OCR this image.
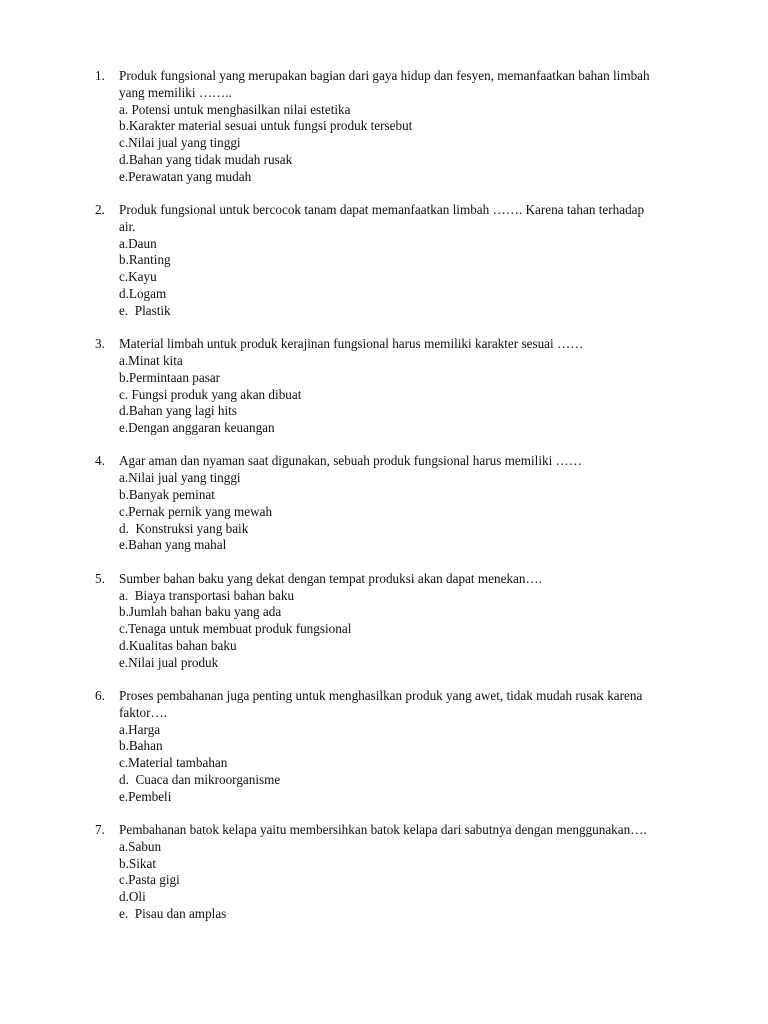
1.	Produk fungsional yang merupakan bagian dari gaya hidup dan fesyen, memanfaatkan bahan limbah yang memiliki ……..
a. Potensi untuk menghasilkan nilai estetika
b.Karakter material sesuai untuk fungsi produk tersebut
c.Nilai jual yang tinggi
d.Bahan yang tidak mudah rusak
e.Perawatan yang mudah
2.	Produk fungsional untuk bercocok tanam dapat memanfaatkan limbah ……. Karena tahan terhadap air.
a.Daun
b.Ranting
c.Kayu
d.Logam
e.  Plastik
3.	Material limbah untuk produk kerajinan fungsional harus memiliki karakter sesuai ……
a.Minat kita
b.Permintaan pasar
c. Fungsi produk yang akan dibuat
d.Bahan yang lagi hits
e.Dengan anggaran keuangan
4.	Agar aman dan nyaman saat digunakan, sebuah produk fungsional harus memiliki ……
a.Nilai jual yang tinggi
b.Banyak peminat
c.Pernak pernik yang mewah
d.  Konstruksi yang baik
e.Bahan yang mahal
5.	Sumber bahan baku yang dekat dengan tempat produksi akan dapat menekan….
a.  Biaya transportasi bahan baku
b.Jumlah bahan baku yang ada
c.Tenaga untuk membuat produk fungsional
d.Kualitas bahan baku
e.Nilai jual produk
6.	Proses pembahanan juga penting untuk menghasilkan produk yang awet, tidak mudah rusak karena faktor….
a.Harga
b.Bahan
c.Material tambahan
d.  Cuaca dan mikroorganisme
e.Pembeli
7.	Pembahanan batok kelapa yaitu membersihkan batok kelapa dari sabutnya dengan menggunakan….
a.Sabun
b.Sikat
c.Pasta gigi
d.Oli
e.  Pisau dan amplas
